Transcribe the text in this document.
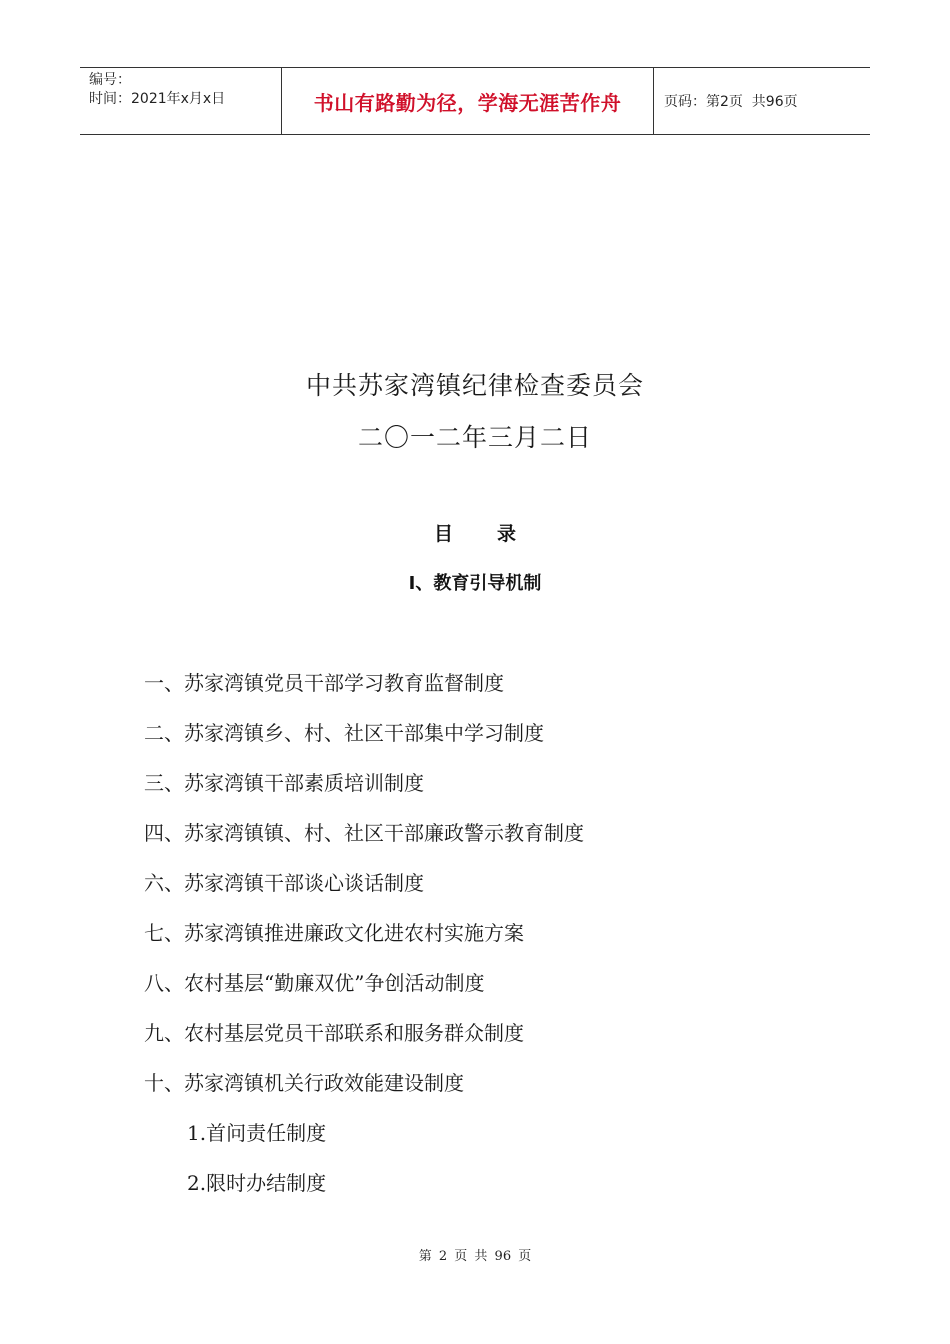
编号：
时间：2021年x月x日	书山有路勤为径，学海无涯苦作舟	页码：第2页  共96页
中共苏家湾镇纪律检查委员会
二〇一二年三月二日
目录
Ⅰ、教育引导机制
一、苏家湾镇党员干部学习教育监督制度
二、苏家湾镇乡、村、社区干部集中学习制度
三、苏家湾镇干部素质培训制度
四、苏家湾镇镇、村、社区干部廉政警示教育制度
六、苏家湾镇干部谈心谈话制度
七、苏家湾镇推进廉政文化进农村实施方案
八、农村基层“勤廉双优”争创活动制度
九、农村基层党员干部联系和服务群众制度
十、苏家湾镇机关行政效能建设制度
1.首问责任制度
2.限时办结制度
第 2 页 共 96 页
